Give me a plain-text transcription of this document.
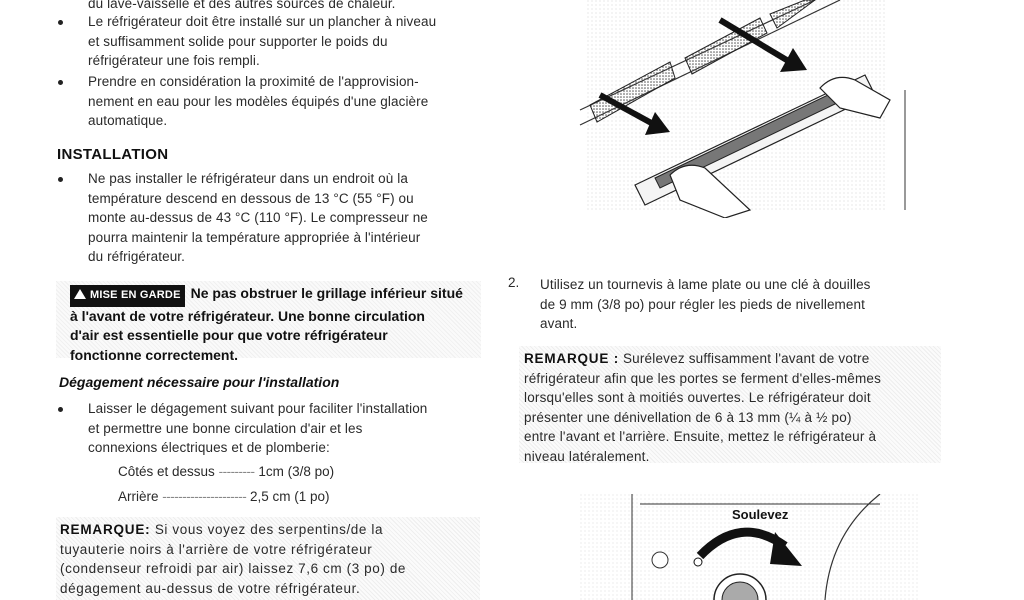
du lave-vaisselle et des autres sources de chaleur.
Le réfrigérateur doit être installé sur un plancher à niveau
et suffisamment solide pour supporter le poids du
réfrigérateur une fois rempli.
Prendre en considération la proximité de l'approvision-
nement en eau pour les modèles équipés d'une glacière
automatique.
INSTALLATION
Ne pas installer le réfrigérateur dans un endroit où la
température descend en dessous de 13 °C (55 °F) ou
monte au-dessus de 43 °C (110 °F). Le compresseur ne
pourra maintenir la température appropriée à l'intérieur
du réfrigérateur.
MISE EN GARDE Ne pas obstruer le grillage inférieur situé
à l'avant de votre réfrigérateur. Une bonne circulation
d'air est essentielle pour que votre réfrigérateur
fonctionne correctement.
Dégagement nécessaire pour l'installation
Laisser le dégagement suivant pour faciliter l'installation
et permettre une bonne circulation d'air et les
connexions électriques et de plomberie:
Côtés et dessus --------- 1cm (3/8 po)
Arrière --------------------- 2,5 cm (1 po)
REMARQUE: Si vous voyez des serpentins/de la
tuyauterie noirs à l'arrière de votre réfrigérateur
(condenseur refroidi par air) laissez 7,6 cm (3 po) de
dégagement au-dessus de votre réfrigérateur.
2. Utilisez un tournevis à lame plate ou une clé à douilles
de 9 mm (3/8 po) pour régler les pieds de nivellement
avant.
REMARQUE : Surélevez suffisamment l'avant de votre
réfrigérateur afin que les portes se ferment d'elles-mêmes
lorsqu'elles sont à moitiés ouvertes. Le réfrigérateur doit
présenter une dénivellation de 6 à 13 mm (¼ à ½ po)
entre l'avant et l'arrière. Ensuite, mettez le réfrigérateur à
niveau latéralement.
Soulevez
